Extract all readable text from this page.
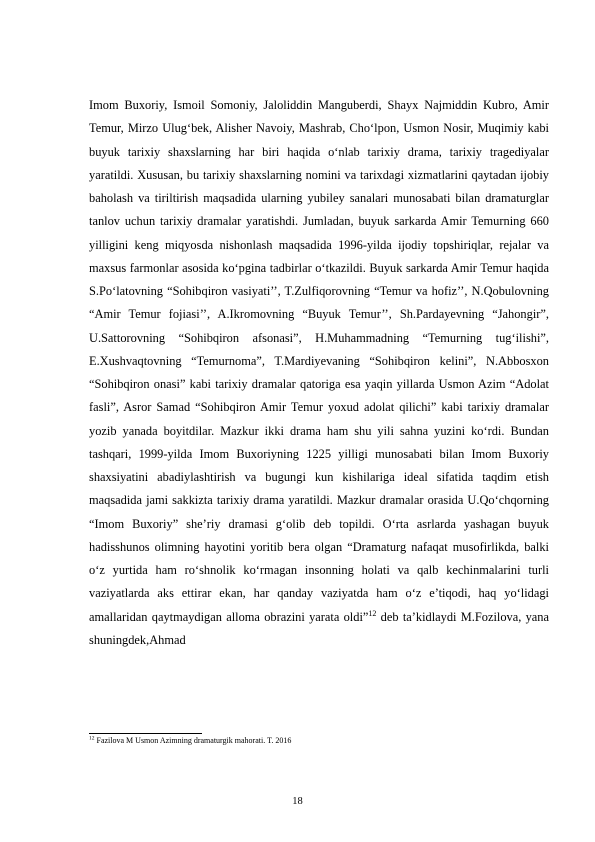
Imom Buxoriy, Ismoil Somoniy, Jaloliddin Manguberdi, Shayx Najmiddin Kubro, Amir Temur, Mirzo Ulug‘bek, Alisher Navoiy, Mashrab, Cho‘lpon, Usmon Nosir, Muqimiy kabi buyuk tarixiy shaxslarning har biri haqida o‘nlab tarixiy drama, tarixiy tragediyalar yaratildi. Xususan, bu tarixiy shaxslarning nomini va tarixdagi xizmatlarini qaytadan ijobiy baholash va tiriltirish maqsadida ularning yubiley sanalari munosabati bilan dramaturglar tanlov uchun tarixiy dramalar yaratishdi. Jumladan, buyuk sarkarda Amir Temurning 660 yilligini keng miqyosda nishonlash maqsadida 1996-yilda ijodiy topshiriqlar, rejalar va maxsus farmonlar asosida ko‘pgina tadbirlar o‘tkazildi. Buyuk sarkarda Amir Temur haqida S.Po‘latovning “Sohibqiron vasiyati’’, T.Zulfiqorovning “Temur va hofiz’’, N.Qobulovning “Amir Temur fojiasi’’, A.Ikromovning “Buyuk Temur’’, Sh.Pardayevning “Jahongir”, U.Sattorovning “Sohibqiron afsonasi”, H.Muhammadning “Temurning tug‘ilishi”, E.Xushvaqtovning “Temurnoma”, T.Mardiyevaning “Sohibqiron kelini”, N.Abbosxon “Sohibqiron onasi” kabi tarixiy dramalar qatoriga esa yaqin yillarda Usmon Azim “Adolat fasli”, Asror Samad “Sohibqiron Amir Temur yoxud adolat qilichi” kabi tarixiy dramalar yozib yanada boyitdilar. Mazkur ikki drama ham shu yili sahna yuzini ko‘rdi. Bundan tashqari, 1999-yilda Imom Buxoriyning 1225 yilligi munosabati bilan Imom Buxoriy shaxsiyatini abadiylashtirish va bugungi kun kishilariga ideal sifatida taqdim etish maqsadida jami sakkizta tarixiy drama yaratildi. Mazkur dramalar orasida U.Qo‘chqorning “Imom Buxoriy” she’riy dramasi g‘olib deb topildi. O‘rta asrlarda yashagan buyuk hadisshunos olimning hayotini yoritib bera olgan “Dramaturg nafaqat musofirlikda, balki o‘z yurtida ham ro‘shnolik ko‘rmagan insonning holati va qalb kechinmalarini turli vaziyatlarda aks ettirar ekan, har qanday vaziyatda ham o‘z e’tiqodi, haq yo‘lidagi amallaridan qaytmaydigan alloma obrazini yarata oldi”$^{12}$ deb ta’kidlaydi M.Fozilova, yana shuningdek,Ahmad

$^{12}$ Fazilova M Usmon Azimning dramaturgik mahorati. T. 2016
18
